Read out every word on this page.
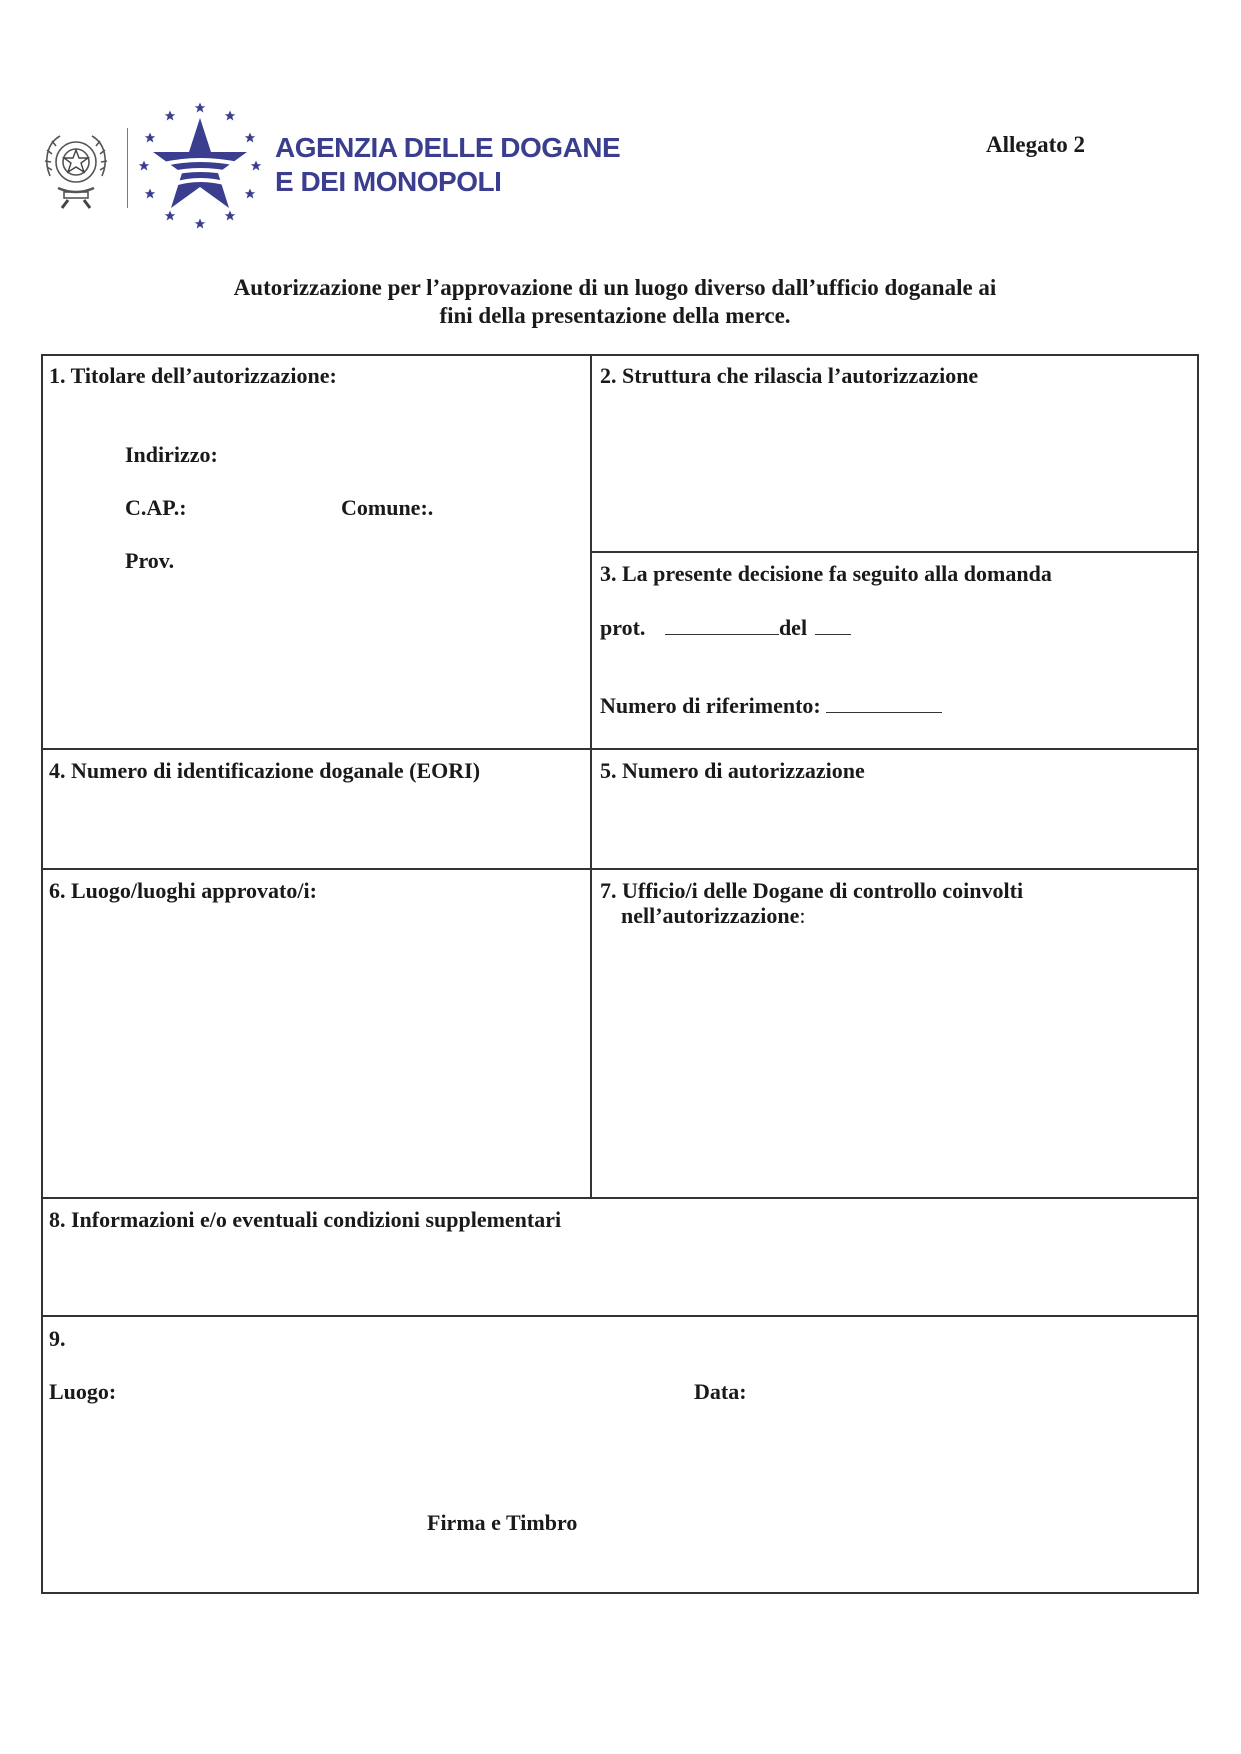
AGENZIA DELLE DOGANE
E DEI MONOPOLI
Allegato 2
Autorizzazione per l’approvazione di un luogo diverso dall’ufficio doganale ai
fini della presentazione della merce.
1. Titolare dell’autorizzazione:
Indirizzo:
C.AP.:	Comune:.
Prov.
2. Struttura che rilascia l’autorizzazione
3. La presente decisione fa seguito alla domanda
prot.	del
Numero di riferimento:
4. Numero di identificazione doganale (EORI)	5. Numero di autorizzazione
6. Luogo/luoghi approvato/i:	7. Ufficio/i delle Dogane di controllo coinvolti
nell’autorizzazione:
8. Informazioni e/o eventuali condizioni supplementari
9.
Luogo:	Data:
Firma e Timbro
